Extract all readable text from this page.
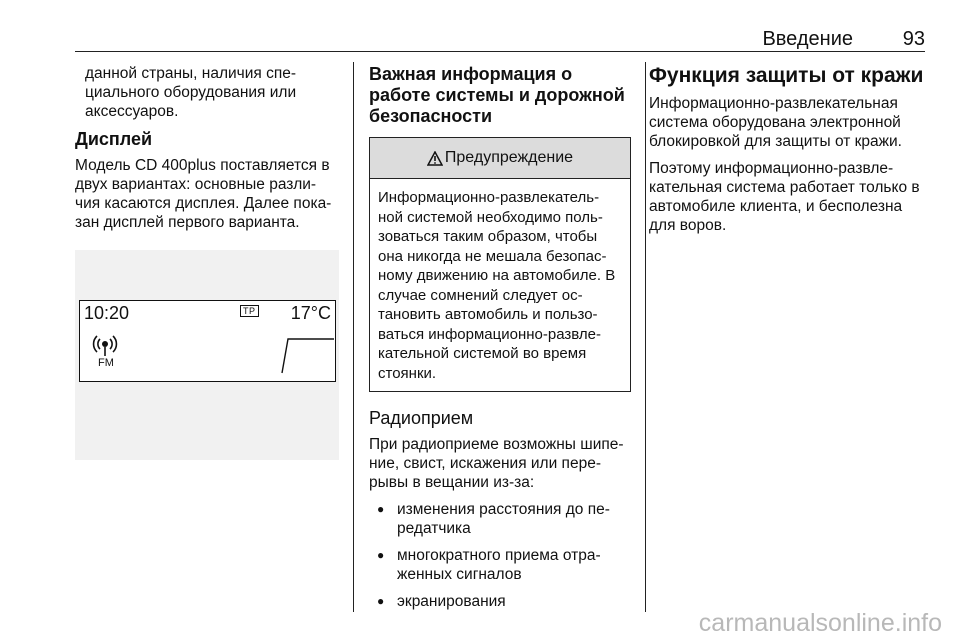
Введение 93

данной страны, наличия спе-
циального оборудования или
аксессуаров.

Дисплей

Модель CD 400plus поставляется в двух вариантах: основные разли-чия касаются дисплея. Далее пока-зан дисплей первого варианта.

10:20	TP 17°C
FM
Важная информация о работе системы и дорожной безопасности
Предупреждение

Информационно-развлекатель-ной системой необходимо поль-зоваться таким образом, чтобы она никогда не мешала безопас-ному движению на автомобиле. В случае сомнений следует ос-тановить автомобиль и пользо-ваться информационно-развле-кательной системой во время стоянки.

Радиоприем

При радиоприеме возможны шипе-ние, свист, искажения или пере-рывы в вещании из-за:

● изменения расстояния до пе-редатчика
● многократного приема отра-женных сигналов
● экранирования
Функция защиты от кражи

Информационно-развлекательная система оборудована электронной блокировкой для защиты от кражи.

Поэтому информационно-развле-кательная система работает только в автомобиле клиента, и бесполезна для воров.

carmanualsonline.info
